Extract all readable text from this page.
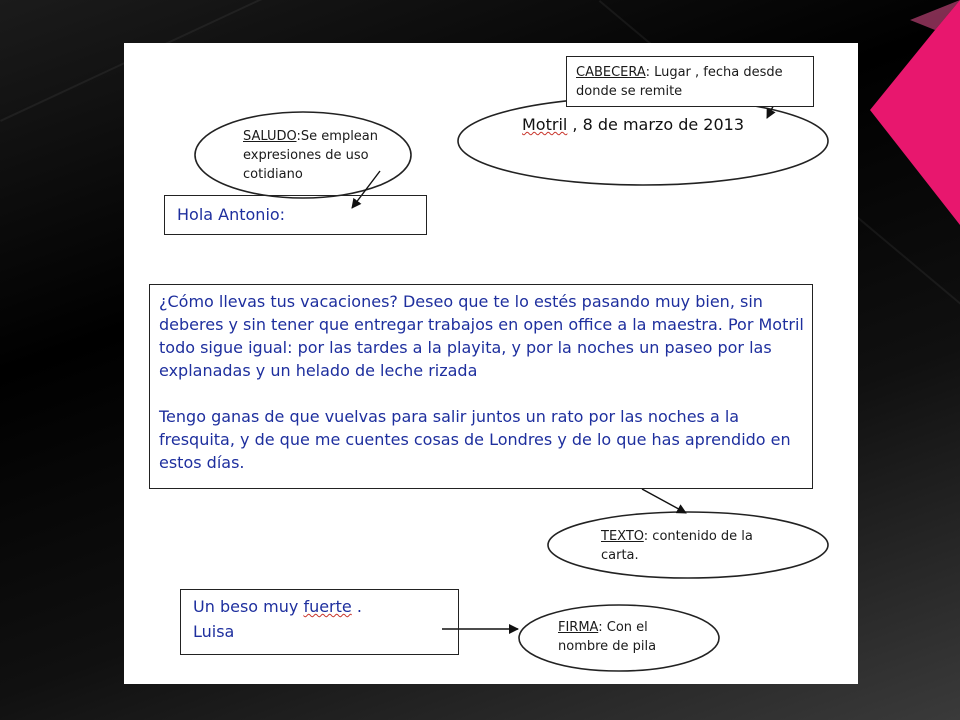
CABECERA: Lugar , fecha desde donde se remite

Motril , 8 de marzo de 2013

SALUDO:Se emplean expresiones de uso cotidiano

Hola Antonio:

¿Cómo llevas tus vacaciones? Deseo que te lo estés pasando muy bien, sin deberes y sin tener que entregar trabajos en open office a la maestra. Por Motril todo sigue igual: por las tardes a la playita, y por la noches un paseo por las explanadas y un helado de leche rizada

Tengo ganas de que vuelvas para salir juntos un rato por las noches a la fresquita, y de que me cuentes cosas de Londres y de lo que has aprendido en estos días.

TEXTO: contenido de la carta.

Un beso muy fuerte .

Luisa	FIRMA: Con el nombre de pila
